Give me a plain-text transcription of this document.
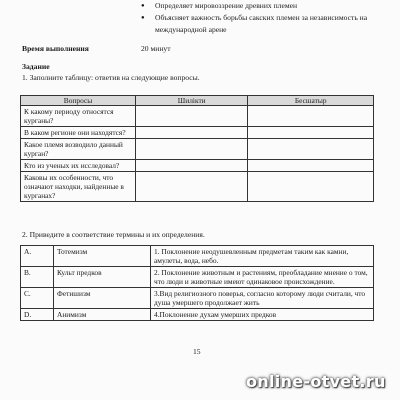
● Определяет мировоззрение древних племен
● Объясняет важность борьбы сакских племен за независимость на международной арене
Время выполнения	20 минут
Задание
1. Заполните таблицу: ответив на следующие вопросы.
Вопросы	Шилікти	Бесшатыр
К какому периоду относятся курганы?		
В каком регионе они находятся?		
Какое племя возводило данный курган?		
Кто из ученых их исследовал?		
Каковы их особенности, что означают находки, найденные в курганах?		
2. Приведите в соответствие термины и их определения.
A.	Тотемизм	1. Поклонение неодушевленным предметам таким как камни, амулеты, вода, небо.
B.	Культ предков	2. Поклонение животным и растениям, преобладание мнение о том, что люди и животные имеют одинаковое происхождение.
C.	Фетишизм	3.Вид религиозного поверья, согласно которому люди считали, что душа умершего продолжает жить
D.	Анимизм	4.Поклонение духам умерших предков
15
online-otvet.ru
